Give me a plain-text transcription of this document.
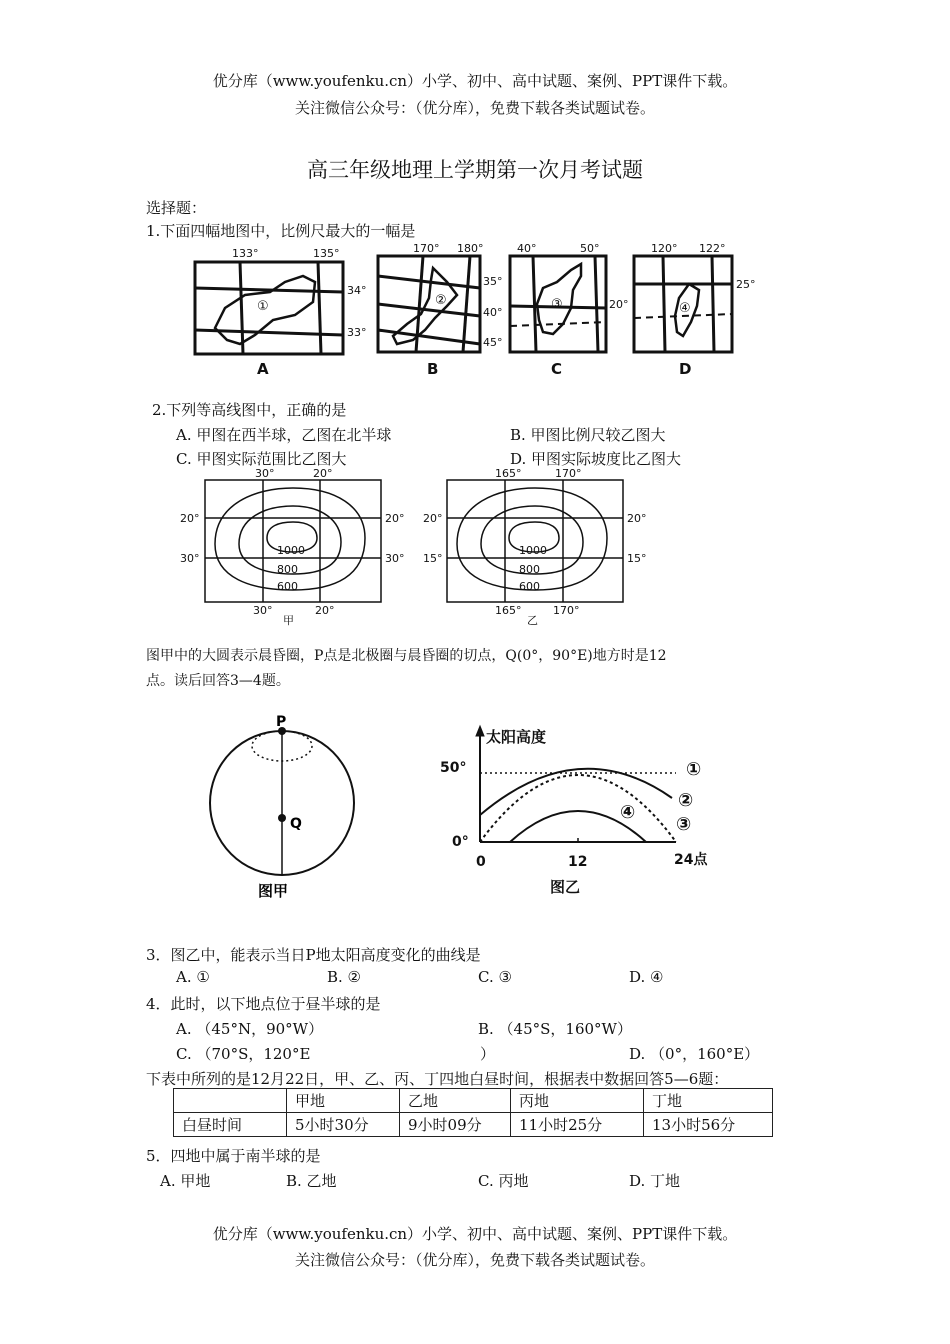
优分库（www.youfenku.cn）小学、初中、高中试题、案例、PPT课件下载。
关注微信公众号：（优分库），免费下载各类试题试卷。
高三年级地理上学期第一次月考试题
选择题：
1.下面四幅地图中，比例尺最大的一幅是
133°	135°
34°
33°
①
A
170° 180°
35°
40°
45°
②
B
40°	50°
20°
③
C
120° 122°
25°
④
D
2.下列等高线图中，正确的是
A. 甲图在西半球，乙图在北半球	B. 甲图比例尺较乙图大
C. 甲图实际范围比乙图大	D. 甲图实际坡度比乙图大
30°	20°
20°
30°
20°
30°
30°	20°
1000
800
600
甲
165°	170°
20°
15°
20°
15°
165°	170°
1000
800
600
乙
图甲中的大圆表示晨昏圈，P点是北极圈与晨昏圈的切点，Q(0°，90°E)地方时是12
点。读后回答3—4题。
P
Q
图甲
太阳高度
50°
0°
0	12	24点
①
②
③
④
图乙
3．图乙中，能表示当日P地太阳高度变化的曲线是
A. ①	B. ②	C. ③	D. ④
4．此时，以下地点位于昼半球的是
A. （45°N，90°W）	B. （45°S，160°W）
C. （70°S，120°E	）	D. （0°，160°E）
下表中所列的是12月22日，甲、乙、丙、丁四地白昼时间，根据表中数据回答5—6题：
	甲地	乙地	丙地	丁地
白昼时间	5小时30分	9小时09分	11小时25分	13小时56分
5．四地中属于南半球的是
A. 甲地	B. 乙地	C. 丙地	D. 丁地
优分库（www.youfenku.cn）小学、初中、高中试题、案例、PPT课件下载。
关注微信公众号：（优分库），免费下载各类试题试卷。
